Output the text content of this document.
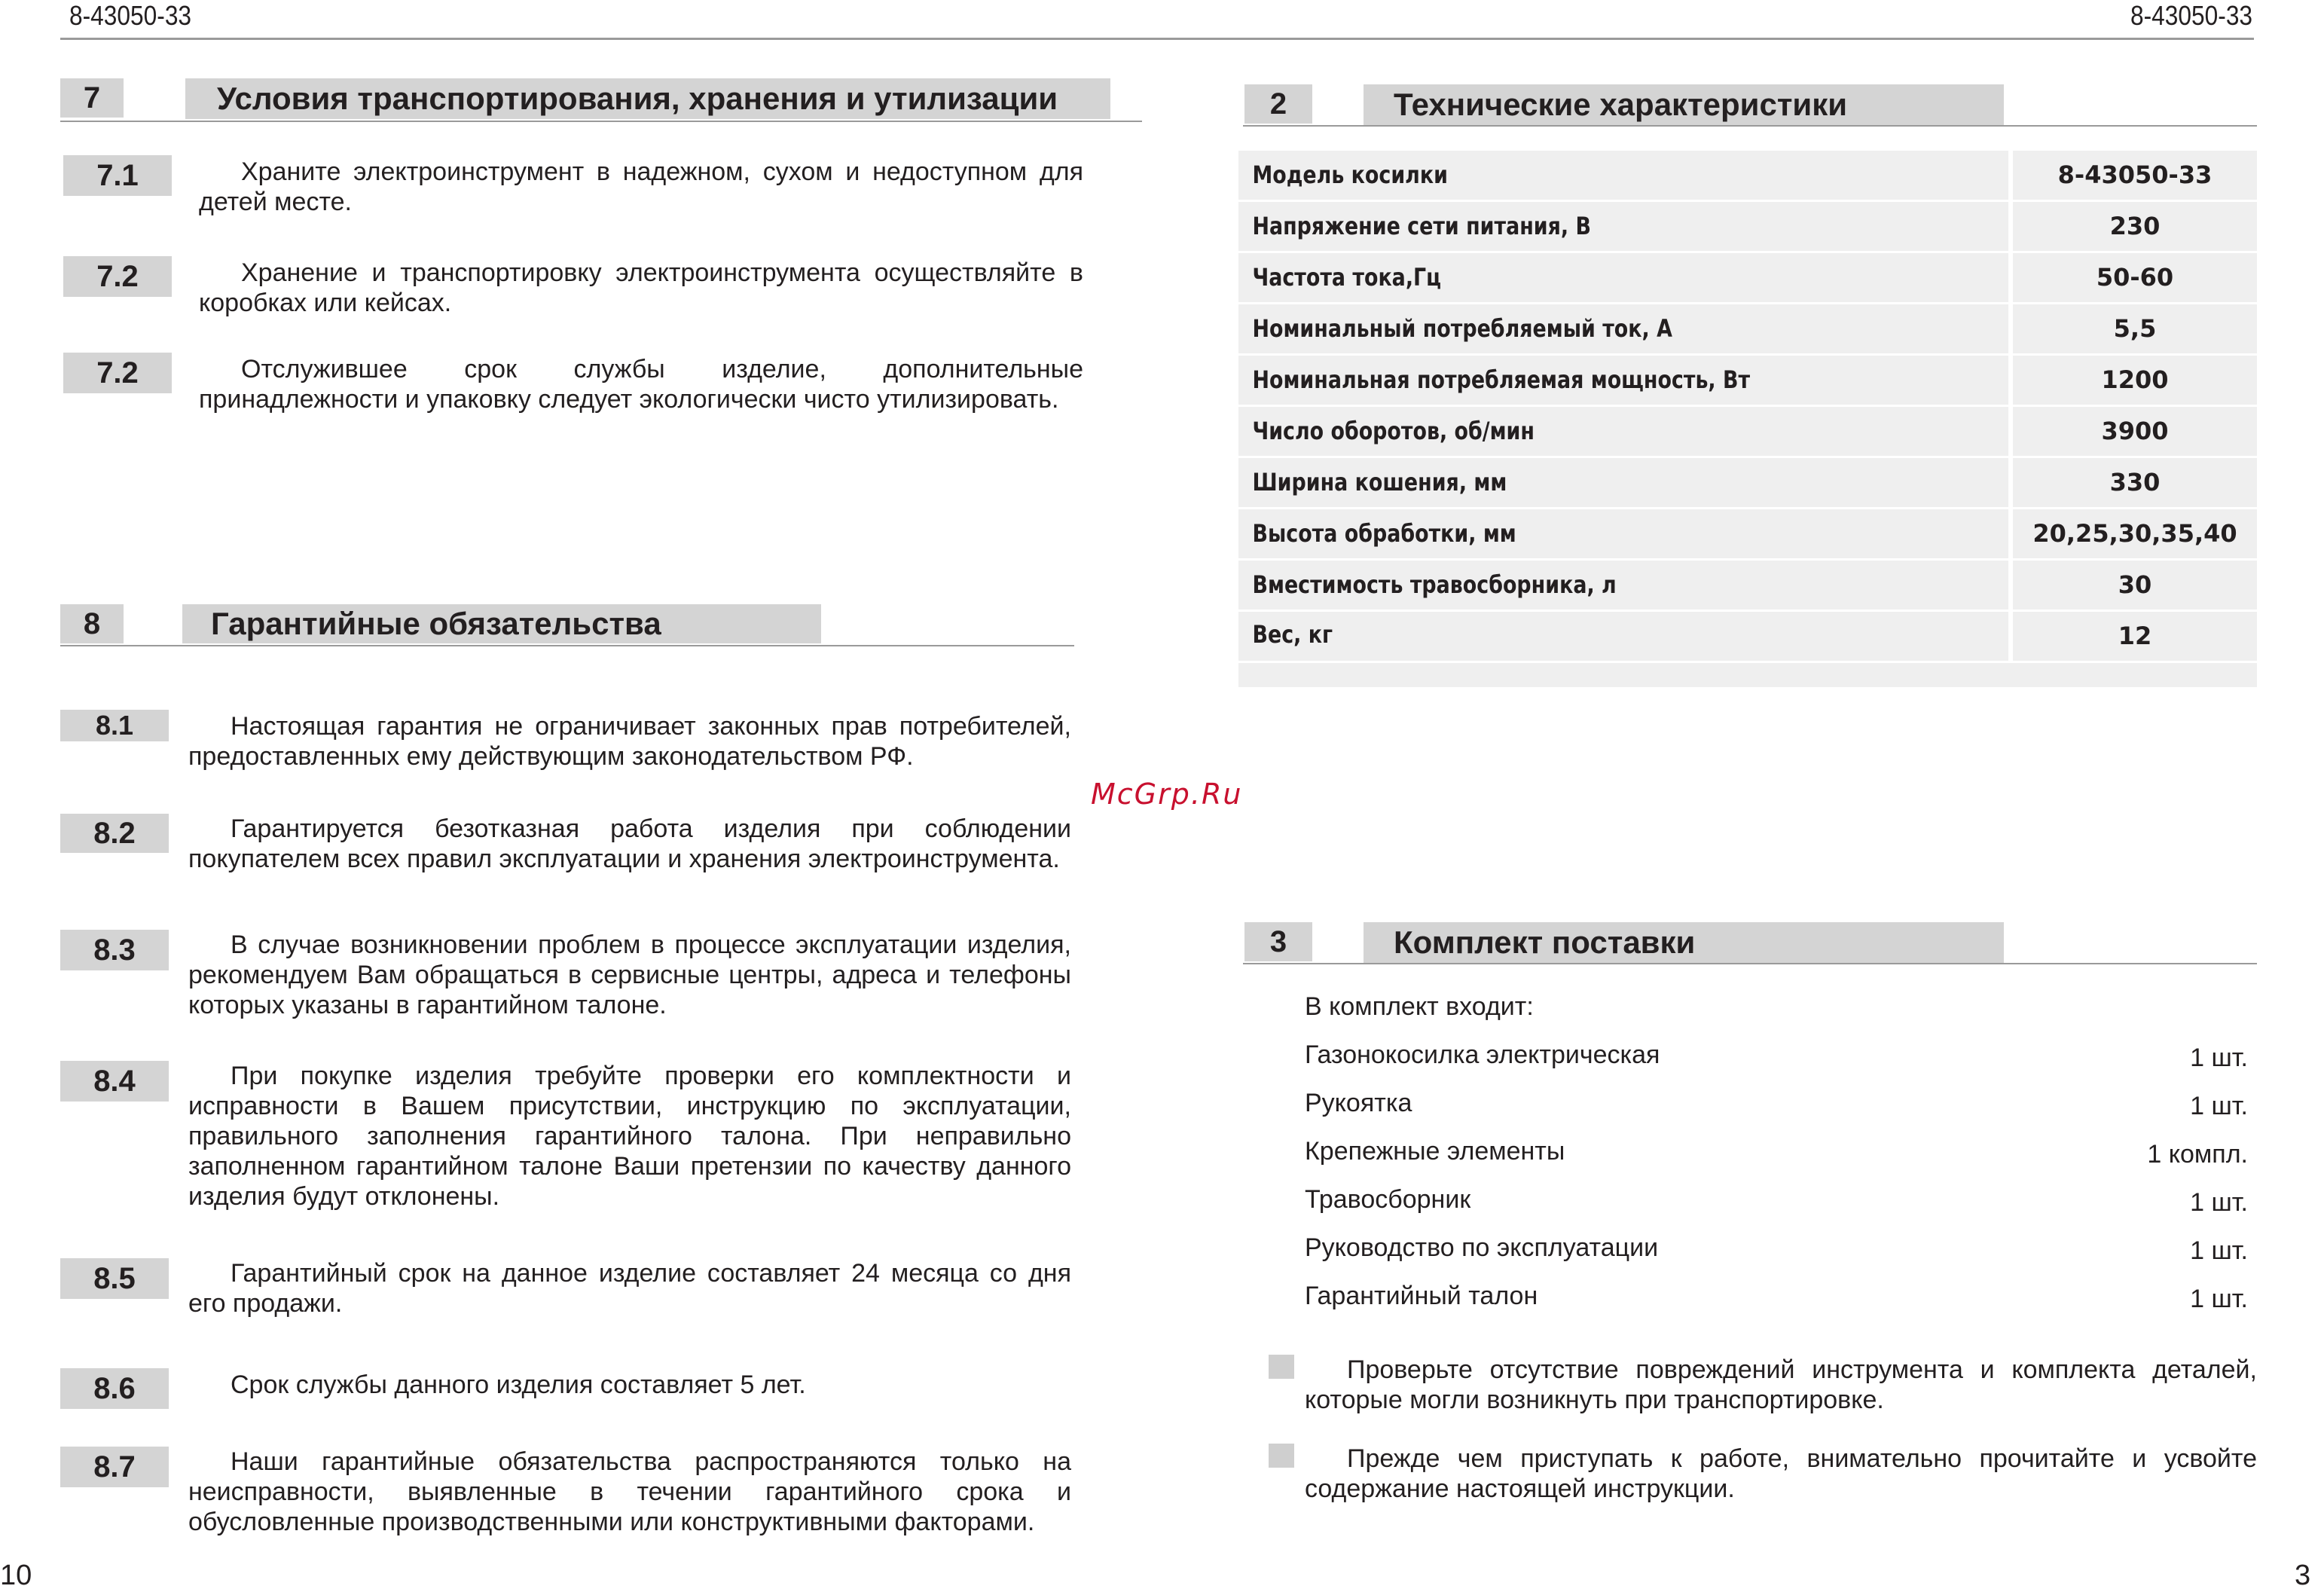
8-43050-33	8-43050-33
7	Условия транспортирования, хранения и утилизации
7.1	Храните электроинструмент в надежном, сухом и недоступном для детей месте.
7.2	Хранение и транспортировку электроинструмента осуществляйте в коробках или кейсах.
7.2	Отслужившее срок службы изделие, дополнительные принадлежности и упаковку следует экологически чисто утилизировать.
8	Гарантийные обязательства
8.1	Настоящая гарантия не ограничивает законных прав потребителей, предоставленных ему действующим законодательством РФ.
8.2	Гарантируется безотказная работа изделия при соблюдении покупателем всех правил эксплуатации и хранения электроинструмента.
8.3	В случае возникновении проблем в процессе эксплуатации изделия, рекомендуем Вам обращаться в сервисные центры, адреса и телефоны которых указаны в гарантийном талоне.
8.4	При покупке изделия требуйте проверки его комплектности и исправности в Вашем присутствии, инструкцию по эксплуатации, правильного заполнения гарантийного талона. При неправильно заполненном гарантийном талоне Ваши претензии по качеству данного изделия будут отклонены.
8.5	Гарантийный срок на данное изделие составляет 24 месяца со дня его продажи.
8.6	Срок службы данного изделия составляет 5 лет.
8.7	Наши гарантийные обязательства распространяются только на неисправности, выявленные в течении гарантийного срока и обусловленные производственными или конструктивными факторами.
McGrp.Ru
2	Технические характеристики
Модель косилки	8-43050-33
Напряжение сети питания, В	230
Частота тока,Гц	50-60
Номинальный потребляемый ток, А	5,5
Номинальная потребляемая мощность, Вт	1200
Число оборотов, об/мин	3900
Ширина кошения, мм	330
Высота обработки, мм	20,25,30,35,40
Вместимость травосборника, л	30
Вес, кг	12
3	Комплект поставки
В комплект входит:
Газонокосилка электрическая	1 шт.
Рукоятка	1 шт.
Крепежные элементы	1 компл.
Травосборник	1 шт.
Руководство по эксплуатации	1 шт.
Гарантийный талон	1 шт.
Проверьте отсутствие повреждений инструмента и комплекта деталей, которые могли возникнуть при транспортировке.
Прежде чем приступать к работе, внимательно прочитайте и усвойте содержание настоящей инструкции.
10	3
